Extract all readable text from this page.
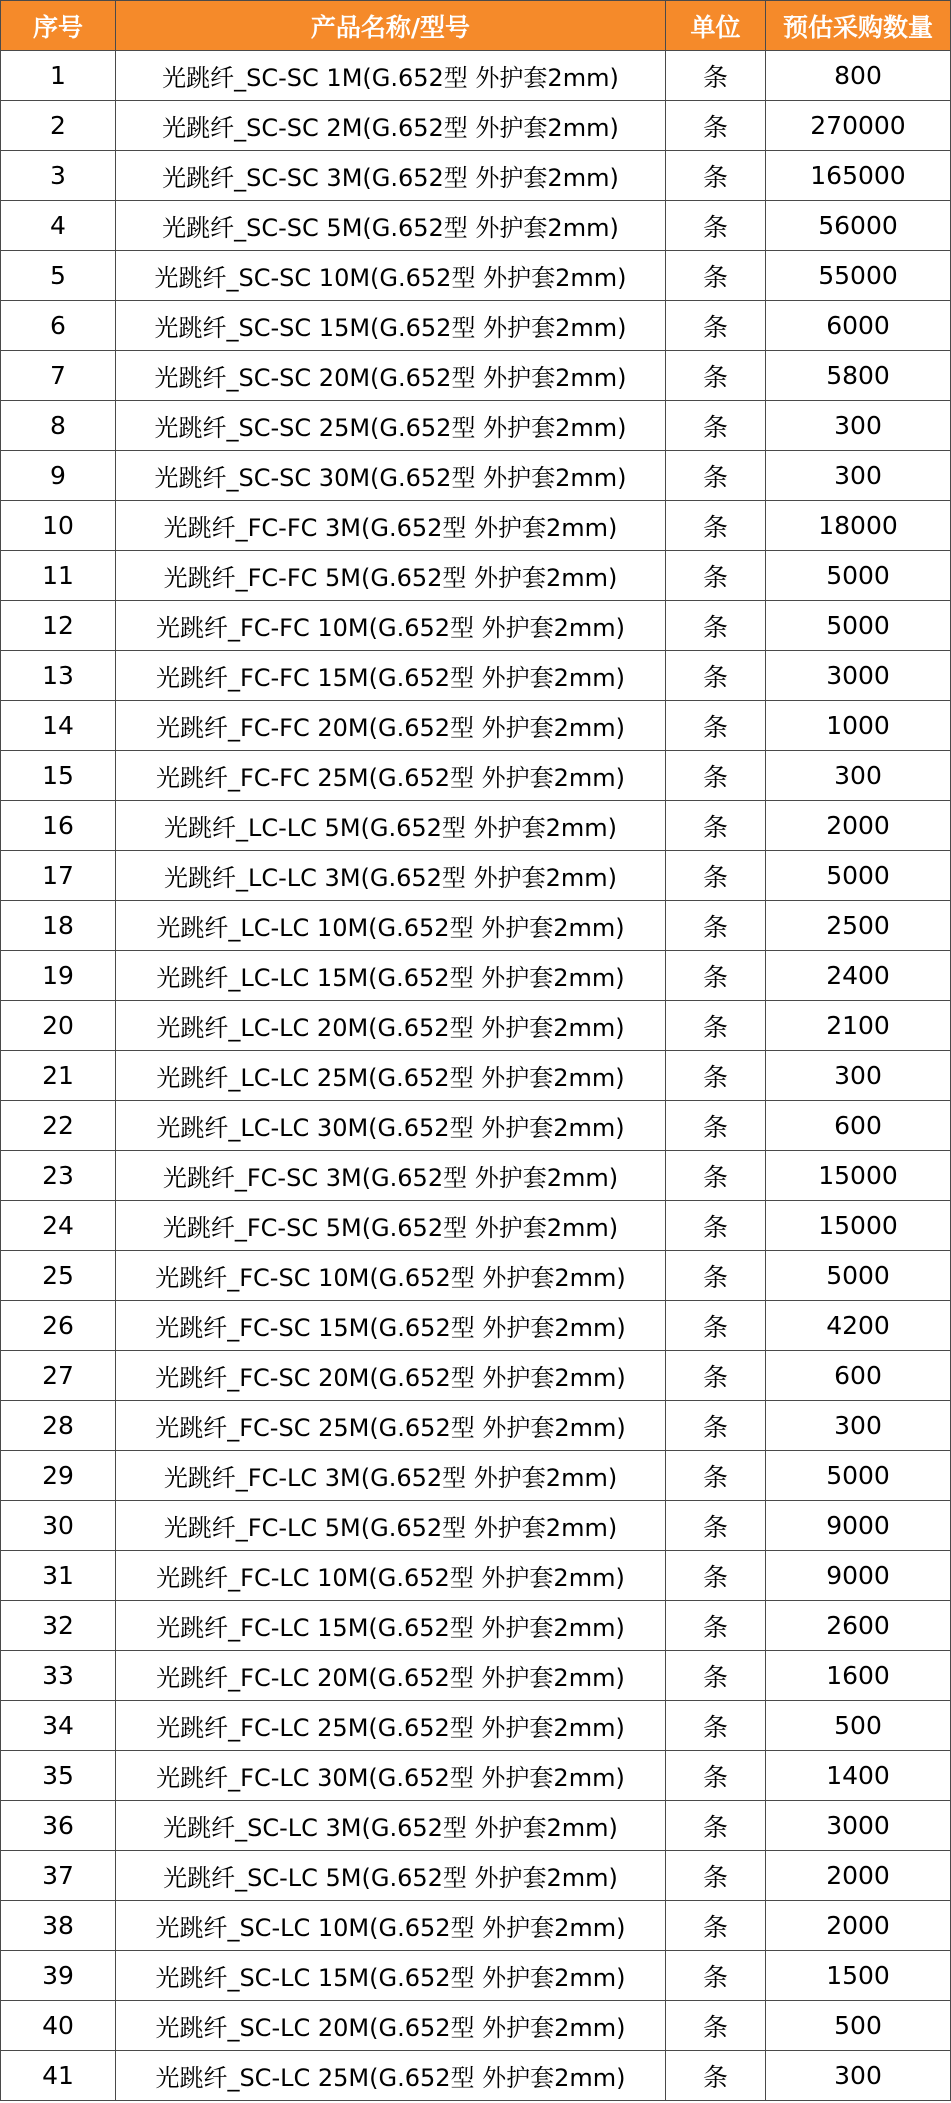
序号	产品名称/型号	单位	预估采购数量
1	光跳纤_SC-SC 1M(G.652型 外护套2mm)	条	800
2	光跳纤_SC-SC 2M(G.652型 外护套2mm)	条	270000
3	光跳纤_SC-SC 3M(G.652型 外护套2mm)	条	165000
4	光跳纤_SC-SC 5M(G.652型 外护套2mm)	条	56000
5	光跳纤_SC-SC 10M(G.652型 外护套2mm)	条	55000
6	光跳纤_SC-SC 15M(G.652型 外护套2mm)	条	6000
7	光跳纤_SC-SC 20M(G.652型 外护套2mm)	条	5800
8	光跳纤_SC-SC 25M(G.652型 外护套2mm)	条	300
9	光跳纤_SC-SC 30M(G.652型 外护套2mm)	条	300
10	光跳纤_FC-FC 3M(G.652型 外护套2mm)	条	18000
11	光跳纤_FC-FC 5M(G.652型 外护套2mm)	条	5000
12	光跳纤_FC-FC 10M(G.652型 外护套2mm)	条	5000
13	光跳纤_FC-FC 15M(G.652型 外护套2mm)	条	3000
14	光跳纤_FC-FC 20M(G.652型 外护套2mm)	条	1000
15	光跳纤_FC-FC 25M(G.652型 外护套2mm)	条	300
16	光跳纤_LC-LC 5M(G.652型 外护套2mm)	条	2000
17	光跳纤_LC-LC 3M(G.652型 外护套2mm)	条	5000
18	光跳纤_LC-LC 10M(G.652型 外护套2mm)	条	2500
19	光跳纤_LC-LC 15M(G.652型 外护套2mm)	条	2400
20	光跳纤_LC-LC 20M(G.652型 外护套2mm)	条	2100
21	光跳纤_LC-LC 25M(G.652型 外护套2mm)	条	300
22	光跳纤_LC-LC 30M(G.652型 外护套2mm)	条	600
23	光跳纤_FC-SC 3M(G.652型 外护套2mm)	条	15000
24	光跳纤_FC-SC 5M(G.652型 外护套2mm)	条	15000
25	光跳纤_FC-SC 10M(G.652型 外护套2mm)	条	5000
26	光跳纤_FC-SC 15M(G.652型 外护套2mm)	条	4200
27	光跳纤_FC-SC 20M(G.652型 外护套2mm)	条	600
28	光跳纤_FC-SC 25M(G.652型 外护套2mm)	条	300
29	光跳纤_FC-LC 3M(G.652型 外护套2mm)	条	5000
30	光跳纤_FC-LC 5M(G.652型 外护套2mm)	条	9000
31	光跳纤_FC-LC 10M(G.652型 外护套2mm)	条	9000
32	光跳纤_FC-LC 15M(G.652型 外护套2mm)	条	2600
33	光跳纤_FC-LC 20M(G.652型 外护套2mm)	条	1600
34	光跳纤_FC-LC 25M(G.652型 外护套2mm)	条	500
35	光跳纤_FC-LC 30M(G.652型 外护套2mm)	条	1400
36	光跳纤_SC-LC 3M(G.652型 外护套2mm)	条	3000
37	光跳纤_SC-LC 5M(G.652型 外护套2mm)	条	2000
38	光跳纤_SC-LC 10M(G.652型 外护套2mm)	条	2000
39	光跳纤_SC-LC 15M(G.652型 外护套2mm)	条	1500
40	光跳纤_SC-LC 20M(G.652型 外护套2mm)	条	500
41	光跳纤_SC-LC 25M(G.652型 外护套2mm)	条	300
